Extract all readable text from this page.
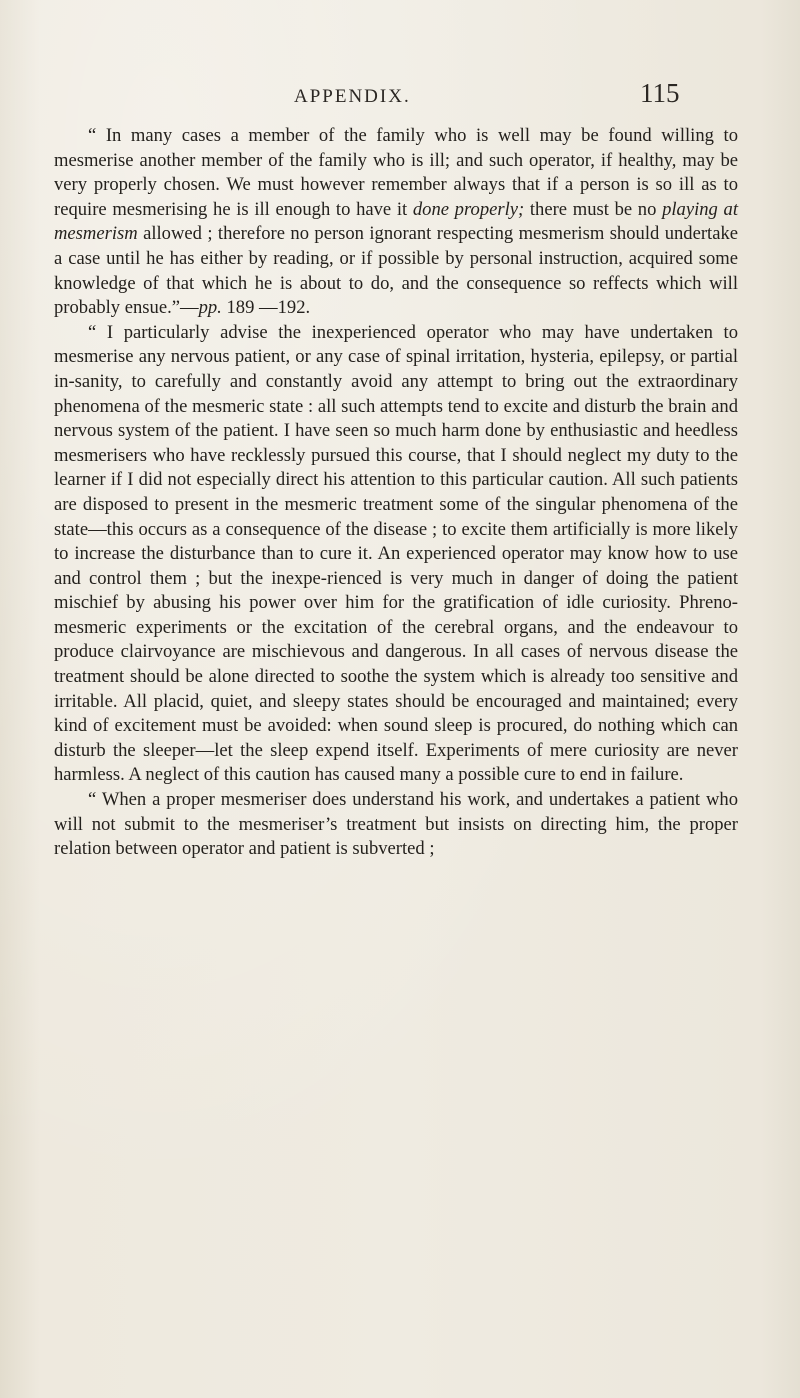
APPENDIX.	115

“ In many cases a member of the family who is well may be found willing to mesmerise another member of the family who is ill; and such operator, if healthy, may be very properly chosen. We must however remember always that if a person is so ill as to require mesmerising he is ill enough to have it done properly; there must be no playing at mesmerism allowed ; therefore no person ignorant respecting mesmerism should undertake a case until he has either by reading, or if possible by personal instruction, acquired some knowledge of that which he is about to do, and the consequence so reffects which will probably ensue.”—pp. 189 —192.

“ I particularly advise the inexperienced operator who may have undertaken to mesmerise any nervous patient, or any case of spinal irritation, hysteria, epilepsy, or partial in-sanity, to carefully and constantly avoid any attempt to bring out the extraordinary phenomena of the mesmeric state : all such attempts tend to excite and disturb the brain and nervous system of the patient. I have seen so much harm done by enthusiastic and heedless mesmerisers who have recklessly pursued this course, that I should neglect my duty to the learner if I did not especially direct his attention to this particular caution. All such patients are disposed to present in the mesmeric treatment some of the singular phenomena of the state—this occurs as a consequence of the disease ; to excite them artificially is more likely to increase the disturbance than to cure it. An experienced operator may know how to use and control them ; but the inexpe-rienced is very much in danger of doing the patient mischief by abusing his power over him for the gratification of idle curiosity. Phreno-mesmeric experiments or the excitation of the cerebral organs, and the endeavour to produce clairvoyance are mischievous and dangerous. In all cases of nervous disease the treatment should be alone directed to soothe the system which is already too sensitive and irritable. All placid, quiet, and sleepy states should be encouraged and maintained; every kind of excitement must be avoided: when sound sleep is procured, do nothing which can disturb the sleeper—let the sleep expend itself. Experiments of mere curiosity are never harmless. A neglect of this caution has caused many a possible cure to end in failure.

“ When a proper mesmeriser does understand his work, and undertakes a patient who will not submit to the mesmeriser’s treatment but insists on directing him, the proper relation between operator and patient is subverted ;
